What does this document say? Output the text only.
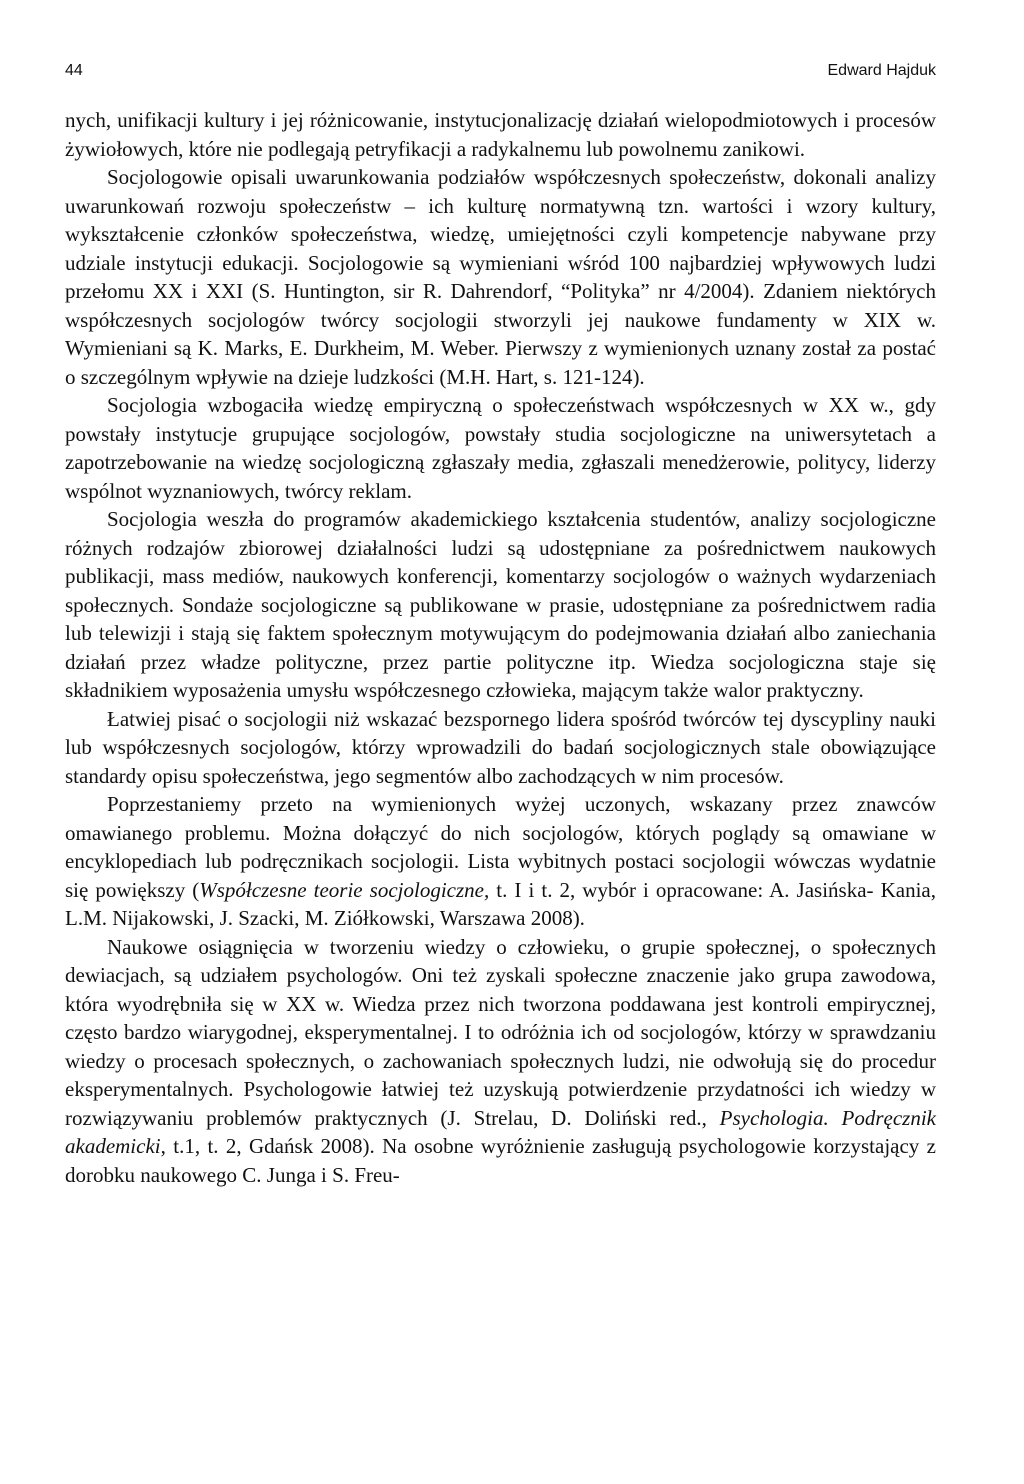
44	Edward Hajduk

nych, unifikacji kultury i jej różnicowanie, instytucjonalizację działań wielopodmiotowych i procesów żywiołowych, które nie podlegają petryfikacji a radykalnemu lub powolnemu zanikowi.

Socjologowie opisali uwarunkowania podziałów współczesnych społeczeństw, dokonali analizy uwarunkowań rozwoju społeczeństw – ich kulturę normatywną tzn. wartości i wzory kultury, wykształcenie członków społeczeństwa, wiedzę, umiejętności czyli kompetencje nabywane przy udziale instytucji edukacji. Socjologowie są wymieniani wśród 100 najbardziej wpływowych ludzi przełomu XX i XXI (S. Huntington, sir R. Dahrendorf, “Polityka” nr 4/2004). Zdaniem niektórych współczesnych socjologów twórcy socjologii stworzyli jej naukowe fundamenty w XIX w. Wymieniani są K. Marks, E. Durkheim, M. Weber. Pierwszy z wymienionych uznany został za postać o szczególnym wpływie na dzieje ludzkości (M.H. Hart, s. 121-124).

Socjologia wzbogaciła wiedzę empiryczną o społeczeństwach współczesnych w XX w., gdy powstały instytucje grupujące socjologów, powstały studia socjologiczne na uniwersytetach a zapotrzebowanie na wiedzę socjologiczną zgłaszały media, zgłaszali menedżerowie, politycy, liderzy wspólnot wyznaniowych, twórcy reklam.

Socjologia weszła do programów akademickiego kształcenia studentów, analizy socjologiczne różnych rodzajów zbiorowej działalności ludzi są udostępniane za pośrednictwem naukowych publikacji, mass mediów, naukowych konferencji, komentarzy socjologów o ważnych wydarzeniach społecznych. Sondaże socjologiczne są publikowane w prasie, udostępniane za pośrednictwem radia lub telewizji i stają się faktem społecznym motywującym do podejmowania działań albo zaniechania działań przez władze polityczne, przez partie polityczne itp. Wiedza socjologiczna staje się składnikiem wyposażenia umysłu współczesnego człowieka, mającym także walor praktyczny.

Łatwiej pisać o socjologii niż wskazać bezspornego lidera spośród twórców tej dyscypliny nauki lub współczesnych socjologów, którzy wprowadzili do badań socjologicznych stale obowiązujące standardy opisu społeczeństwa, jego segmentów albo zachodzących w nim procesów.

Poprzestaniemy przeto na wymienionych wyżej uczonych, wskazany przez znawców omawianego problemu. Można dołączyć do nich socjologów, których poglądy są omawiane w encyklopediach lub podręcznikach socjologii. Lista wybitnych postaci socjologii wówczas wydatnie się powiększy (Współczesne teorie socjologiczne, t. I i t. 2, wybór i opracowane: A. Jasińska- Kania, L.M. Nijakowski, J. Szacki, M. Ziółkowski, Warszawa 2008).

Naukowe osiągnięcia w tworzeniu wiedzy o człowieku, o grupie społecznej, o społecznych dewiacjach, są udziałem psychologów. Oni też zyskali społeczne znaczenie jako grupa zawodowa, która wyodrębniła się w XX w. Wiedza przez nich tworzona poddawana jest kontroli empirycznej, często bardzo wiarygodnej, eksperymentalnej. I to odróżnia ich od socjologów, którzy w sprawdzaniu wiedzy o procesach społecznych, o zachowaniach społecznych ludzi, nie odwołują się do procedur eksperymentalnych. Psychologowie łatwiej też uzyskują potwierdzenie przydatności ich wiedzy w rozwiązywaniu problemów praktycznych (J. Strelau, D. Doliński red., Psychologia. Podręcznik akademicki, t.1, t. 2, Gdańsk 2008). Na osobne wyróżnienie zasługują psychologowie korzystający z dorobku naukowego C. Junga i S. Freu-
